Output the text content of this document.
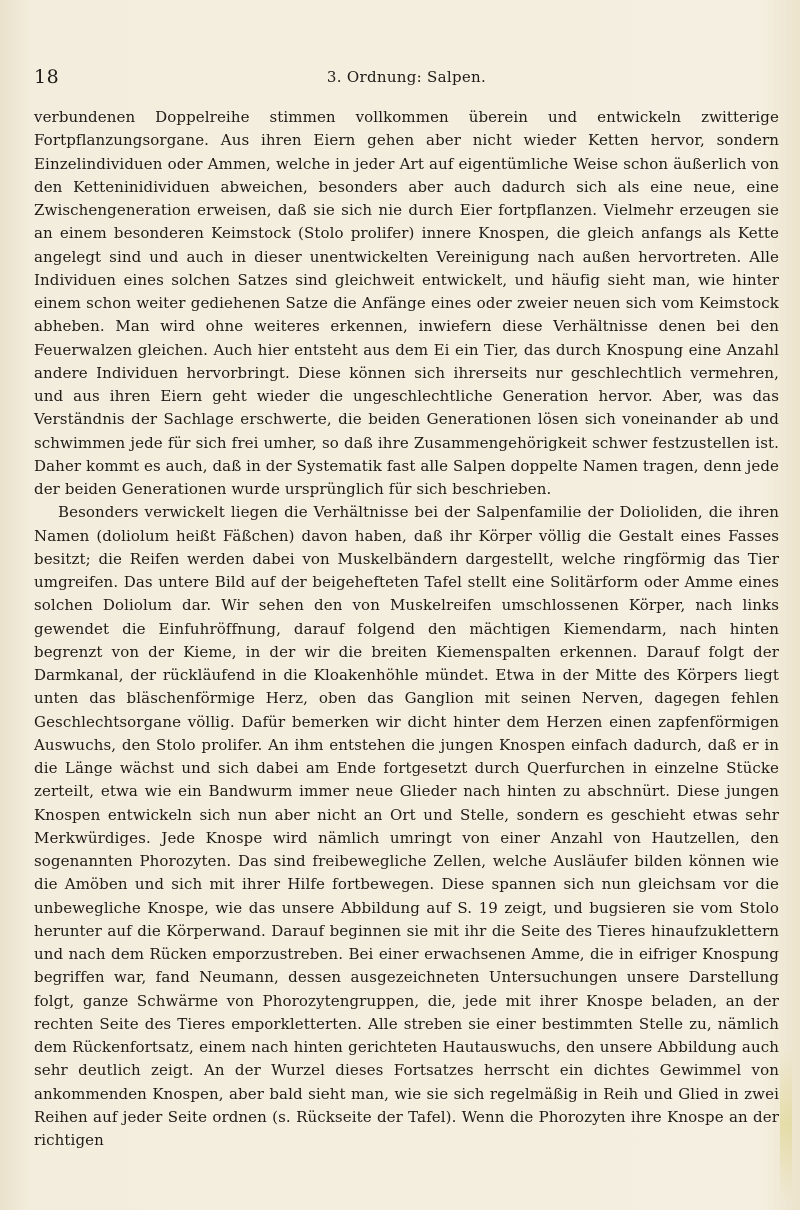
18	3. Ordnung: Salpen.

verbundenen Doppelreihe stimmen vollkommen überein und entwickeln zwitterige Fortpflanzungsorgane. Aus ihren Eiern gehen aber nicht wieder Ketten hervor, sondern Einzelindividuen oder Ammen, welche in jeder Art auf eigentümliche Weise schon äußerlich von den Ketteninidividuen abweichen, besonders aber auch dadurch sich als eine neue, eine Zwischengeneration erweisen, daß sie sich nie durch Eier fortpflanzen. Vielmehr erzeugen sie an einem besonderen Keimstock (Stolo prolifer) innere Knospen, die gleich anfangs als Kette angelegt sind und auch in dieser unentwickelten Vereinigung nach außen hervortreten. Alle Individuen eines solchen Satzes sind gleichweit entwickelt, und häufig sieht man, wie hinter einem schon weiter gediehenen Satze die Anfänge eines oder zweier neuen sich vom Keimstock abheben. Man wird ohne weiteres erkennen, inwiefern diese Verhältnisse denen bei den Feuerwalzen gleichen. Auch hier entsteht aus dem Ei ein Tier, das durch Knospung eine Anzahl andere Individuen hervorbringt. Diese können sich ihrerseits nur geschlechtlich vermehren, und aus ihren Eiern geht wieder die ungeschlechtliche Generation hervor. Aber, was das Verständnis der Sachlage erschwerte, die beiden Generationen lösen sich voneinander ab und schwimmen jede für sich frei umher, so daß ihre Zusammengehörigkeit schwer festzustellen ist. Daher kommt es auch, daß in der Systematik fast alle Salpen doppelte Namen tragen, denn jede der beiden Generationen wurde ursprünglich für sich beschrieben.

Besonders verwickelt liegen die Verhältnisse bei der Salpenfamilie der Dolioliden, die ihren Namen (doliolum heißt Fäßchen) davon haben, daß ihr Körper völlig die Gestalt eines Fasses besitzt; die Reifen werden dabei von Muskelbändern dargestellt, welche ringförmig das Tier umgreifen. Das untere Bild auf der beigehefteten Tafel stellt eine Solitärform oder Amme eines solchen Doliolum dar. Wir sehen den von Muskelreifen umschlossenen Körper, nach links gewendet die Einfuhröffnung, darauf folgend den mächtigen Kiemendarm, nach hinten begrenzt von der Kieme, in der wir die breiten Kiemenspalten erkennen. Darauf folgt der Darmkanal, der rückläufend in die Kloakenhöhle mündet. Etwa in der Mitte des Körpers liegt unten das bläschenförmige Herz, oben das Ganglion mit seinen Nerven, dagegen fehlen Geschlechtsorgane völlig. Dafür bemerken wir dicht hinter dem Herzen einen zapfenförmigen Auswuchs, den Stolo prolifer. An ihm entstehen die jungen Knospen einfach dadurch, daß er in die Länge wächst und sich dabei am Ende fortgesetzt durch Querfurchen in einzelne Stücke zerteilt, etwa wie ein Bandwurm immer neue Glieder nach hinten zu abschnürt. Diese jungen Knospen entwickeln sich nun aber nicht an Ort und Stelle, sondern es geschieht etwas sehr Merkwürdiges. Jede Knospe wird nämlich umringt von einer Anzahl von Hautzellen, den sogenannten Phorozyten. Das sind freibewegliche Zellen, welche Ausläufer bilden können wie die Amöben und sich mit ihrer Hilfe fortbewegen. Diese spannen sich nun gleichsam vor die unbewegliche Knospe, wie das unsere Abbildung auf S. 19 zeigt, und bugsieren sie vom Stolo herunter auf die Körperwand. Darauf beginnen sie mit ihr die Seite des Tieres hinaufzuklettern und nach dem Rücken emporzustreben. Bei einer erwachsenen Amme, die in eifriger Knospung begriffen war, fand Neumann, dessen ausgezeichneten Untersuchungen unsere Darstellung folgt, ganze Schwärme von Phorozytengruppen, die, jede mit ihrer Knospe beladen, an der rechten Seite des Tieres emporkletterten. Alle streben sie einer bestimmten Stelle zu, nämlich dem Rückenfortsatz, einem nach hinten gerichteten Hautauswuchs, den unsere Abbildung auch sehr deutlich zeigt. An der Wurzel dieses Fortsatzes herrscht ein dichtes Gewimmel von ankommenden Knospen, aber bald sieht man, wie sie sich regelmäßig in Reih und Glied in zwei Reihen auf jeder Seite ordnen (s. Rückseite der Tafel). Wenn die Phorozyten ihre Knospe an der richtigen
